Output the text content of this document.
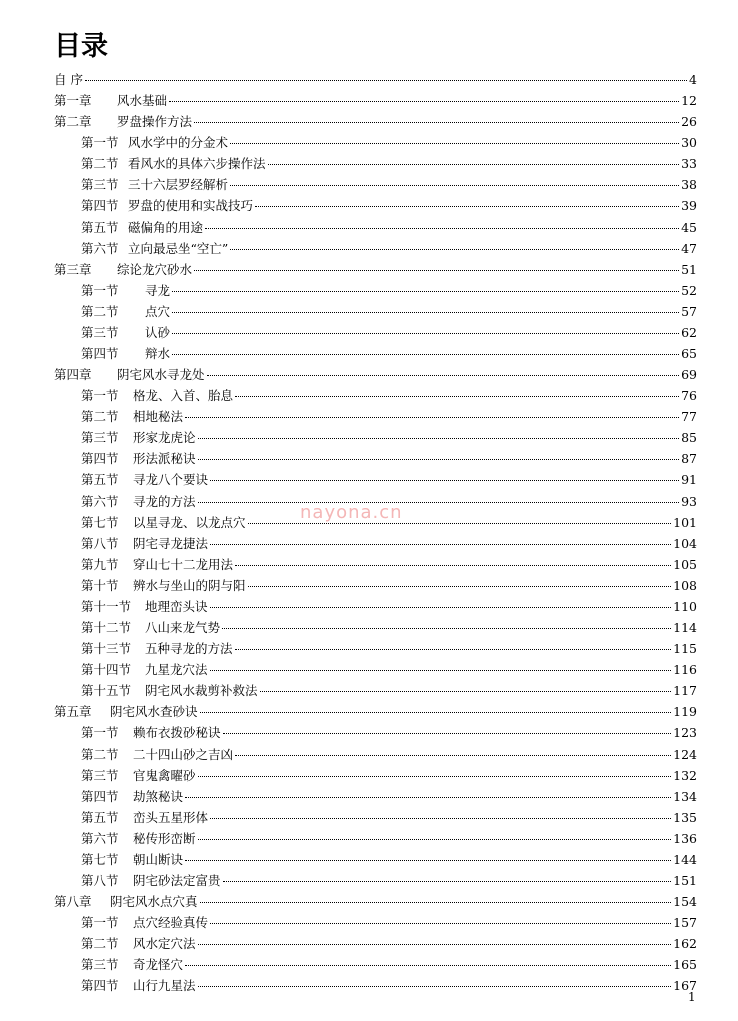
目录
自 序	4
第一章	风水基础	12
第二章	罗盘操作方法	26
第一节 风水学中的分金术	30
第二节 看风水的具体六步操作法	33
第三节 三十六层罗经解析	38
第四节 罗盘的使用和实战技巧	39
第五节 磁偏角的用途	45
第六节 立向最忌坐“空亡”	47
第三章	综论龙穴砂水	51
第一节	寻龙	52
第二节	点穴	57
第三节	认砂	62
第四节	辩水	65
第四章	阴宅风水寻龙处	69
第一节	格龙、入首、胎息	76
第二节	相地秘法	77
第三节	形家龙虎论	85
第四节	形法派秘诀	87
第五节	寻龙八个要诀	91
第六节	寻龙的方法	93
第七节	以星寻龙、以龙点穴	101
第八节	阴宅寻龙捷法	104
第九节	穿山七十二龙用法	105
第十节	辨水与坐山的阴与阳	108
第十一节	地理峦头诀	110
第十二节	八山来龙气势	114
第十三节	五种寻龙的方法	115
第十四节	九星龙穴法	116
第十五节	阴宅风水裁剪补救法	117
第五章	阴宅风水查砂诀	119
第一节	赖布衣拨砂秘诀	123
第二节	二十四山砂之吉凶	124
第三节	官鬼禽曜砂	132
第四节	劫煞秘诀	134
第五节	峦头五星形体	135
第六节	秘传形峦断	136
第七节	朝山断诀	144
第八节	阴宅砂法定富贵	151
第八章	阴宅风水点穴真	154
第一节	点穴经验真传	157
第二节	风水定穴法	162
第三节	奇龙怪穴	165
第四节	山行九星法	167
nayona.cn
1
